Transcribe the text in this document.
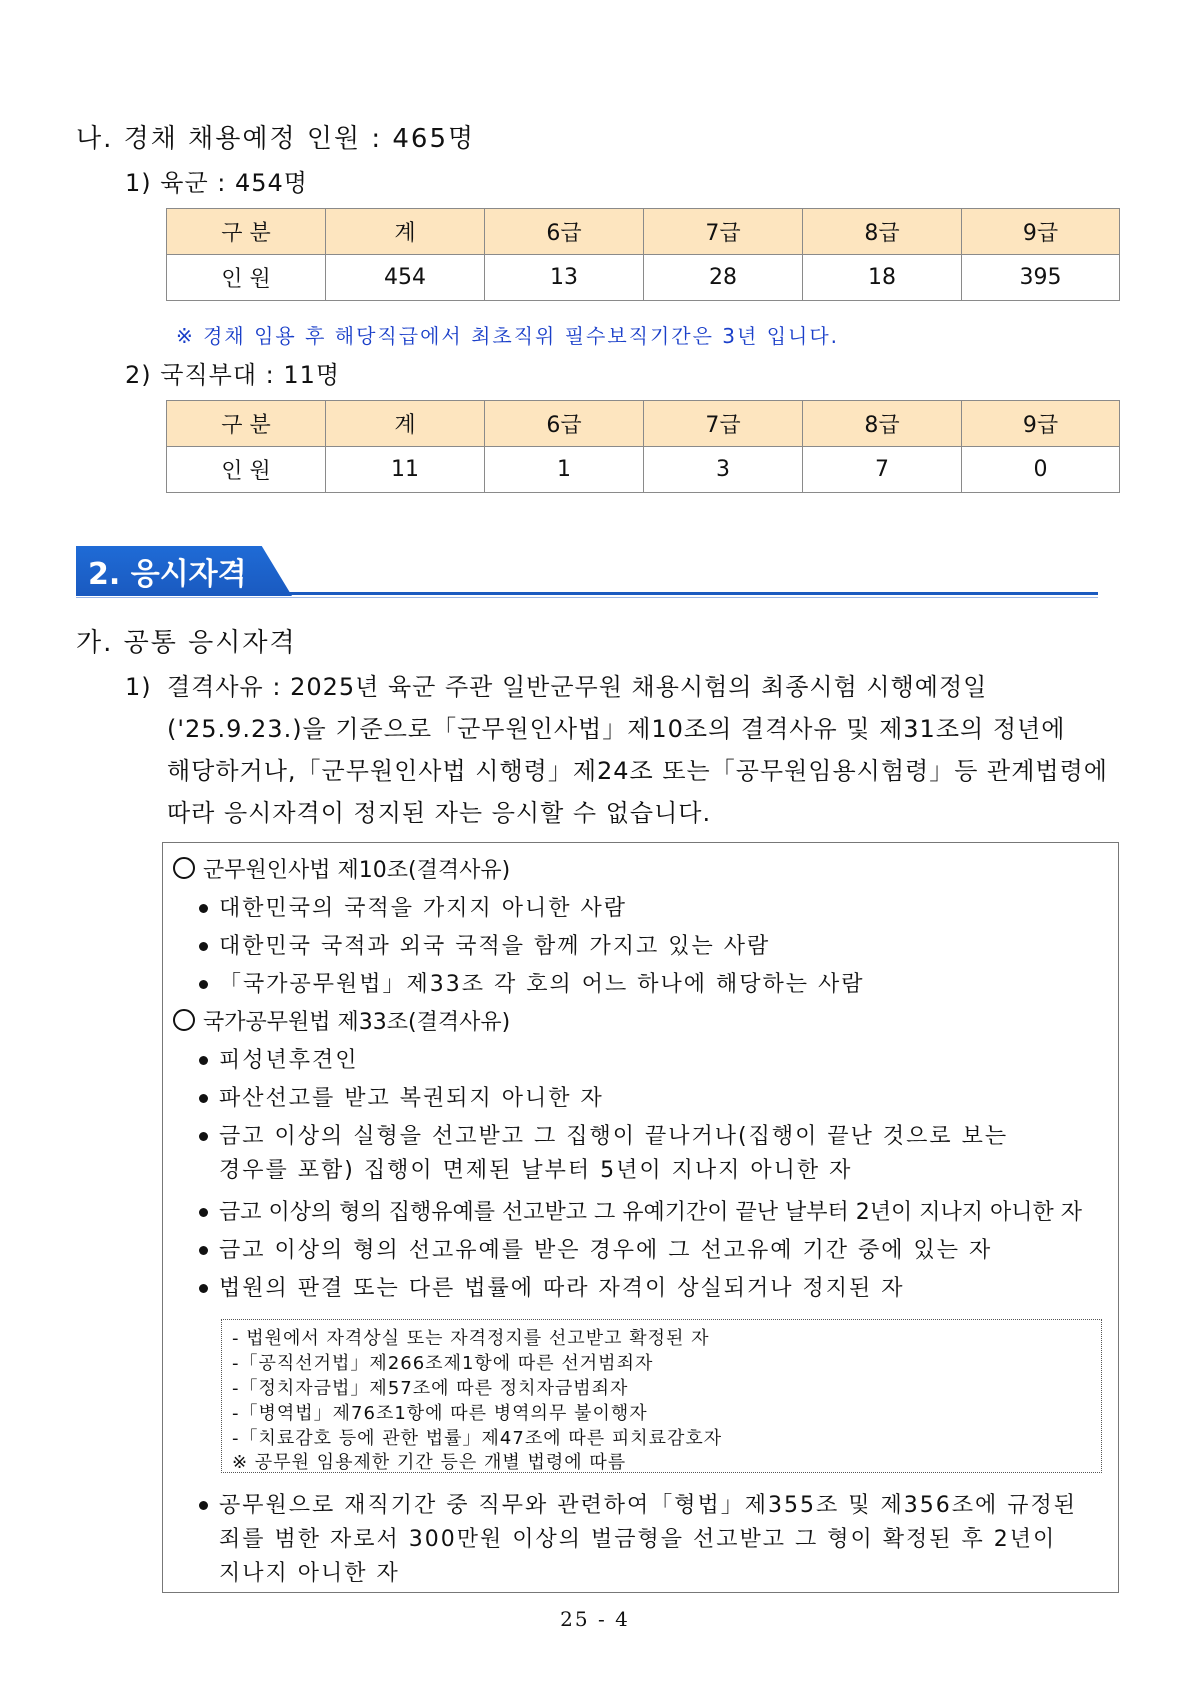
나. 경채 채용예정 인원 : 465명
1) 육군 : 454명
구 분	계	6급	7급	8급	9급
인 원	454	13	28	18	395
※ 경채 임용 후 해당직급에서 최초직위 필수보직기간은 3년 입니다.
2) 국직부대 : 11명
구 분	계	6급	7급	8급	9급
인 원	11	1	3	7	0
2. 응시자격
가. 공통 응시자격
1) 결격사유 : 2025년 육군 주관 일반군무원 채용시험의 최종시험 시행예정일
('25.9.23.)을 기준으로「군무원인사법」제10조의 결격사유 및 제31조의 정년에
해당하거나,「군무원인사법 시행령」제24조 또는「공무원임용시험령」등 관계법령에
따라 응시자격이 정지된 자는 응시할 수 없습니다.
군무원인사법 제10조(결격사유)
대한민국의 국적을 가지지 아니한 사람
대한민국 국적과 외국 국적을 함께 가지고 있는 사람
「국가공무원법」제33조 각 호의 어느 하나에 해당하는 사람
국가공무원법 제33조(결격사유)
피성년후견인
파산선고를 받고 복권되지 아니한 자
금고 이상의 실형을 선고받고 그 집행이 끝나거나(집행이 끝난 것으로 보는
경우를 포함) 집행이 면제된 날부터 5년이 지나지 아니한 자
금고 이상의 형의 집행유예를 선고받고 그 유예기간이 끝난 날부터 2년이 지나지 아니한 자
금고 이상의 형의 선고유예를 받은 경우에 그 선고유예 기간 중에 있는 자
법원의 판결 또는 다른 법률에 따라 자격이 상실되거나 정지된 자
- 법원에서 자격상실 또는 자격정지를 선고받고 확정된 자
-「공직선거법」제266조제1항에 따른 선거범죄자
-「정치자금법」제57조에 따른 정치자금범죄자
-「병역법」제76조1항에 따른 병역의무 불이행자
-「치료감호 등에 관한 법률」제47조에 따른 피치료감호자
※ 공무원 임용제한 기간 등은 개별 법령에 따름
공무원으로 재직기간 중 직무와 관련하여「형법」제355조 및 제356조에 규정된
죄를 범한 자로서 300만원 이상의 벌금형을 선고받고 그 형이 확정된 후 2년이
지나지 아니한 자
25 - 4
